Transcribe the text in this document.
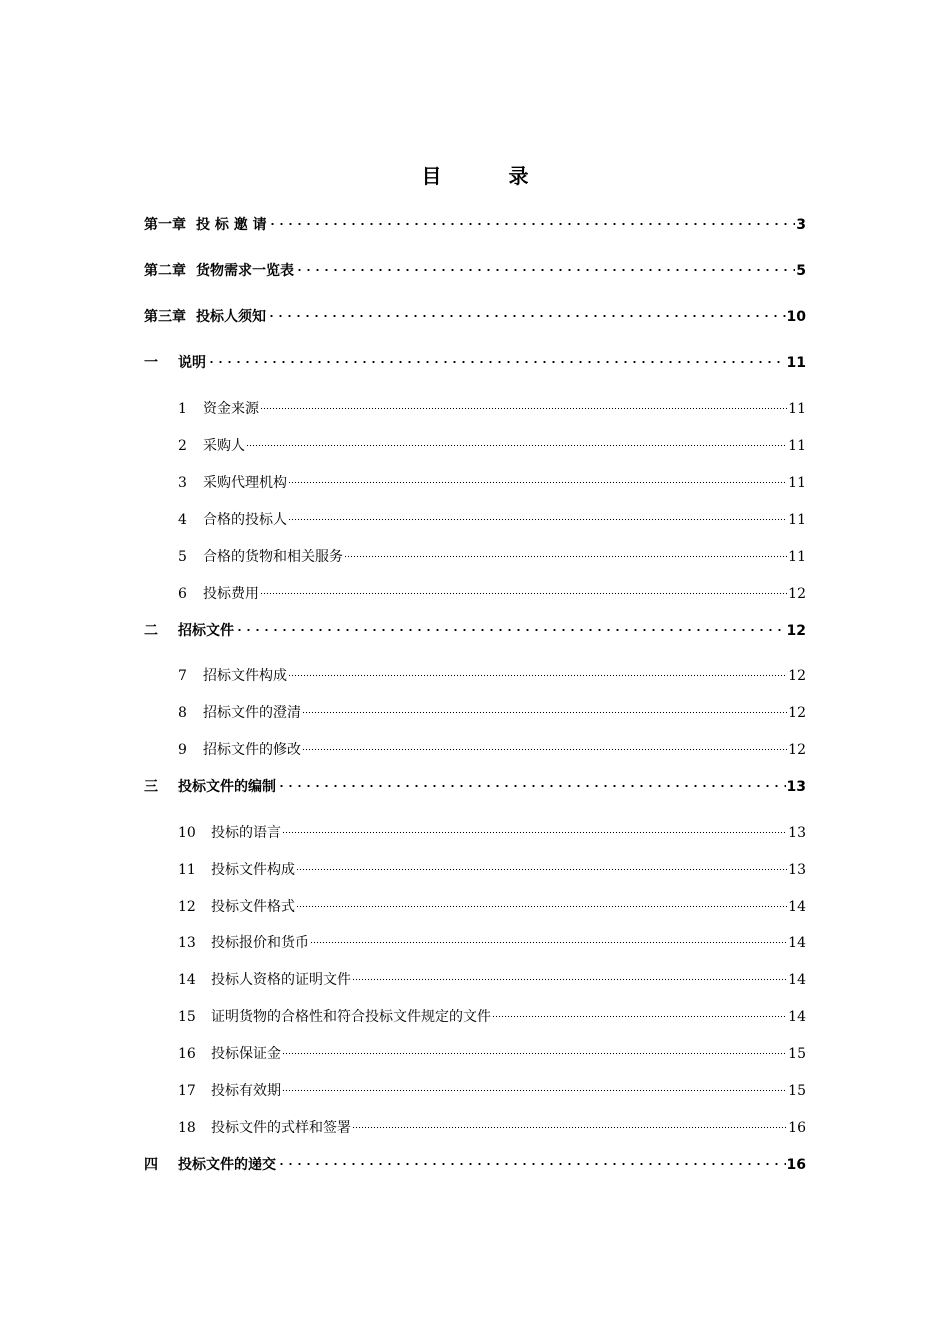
目 录
第一章 投 标 邀 请	3
第二章 货物需求一览表	5
第三章 投标人须知	10
一	说明	11
1	资金来源	11
2	采购人	11
3	采购代理机构	11
4	合格的投标人	11
5	合格的货物和相关服务	11
6	投标费用	12
二	招标文件	12
7	招标文件构成	12
8	招标文件的澄清	12
9	招标文件的修改	12
三	投标文件的编制	13
10	投标的语言	13
11	投标文件构成	13
12	投标文件格式	14
13	投标报价和货币	14
14	投标人资格的证明文件	14
15	证明货物的合格性和符合投标文件规定的文件	14
16	投标保证金	15
17	投标有效期	15
18	投标文件的式样和签署	16
四	投标文件的递交	16
